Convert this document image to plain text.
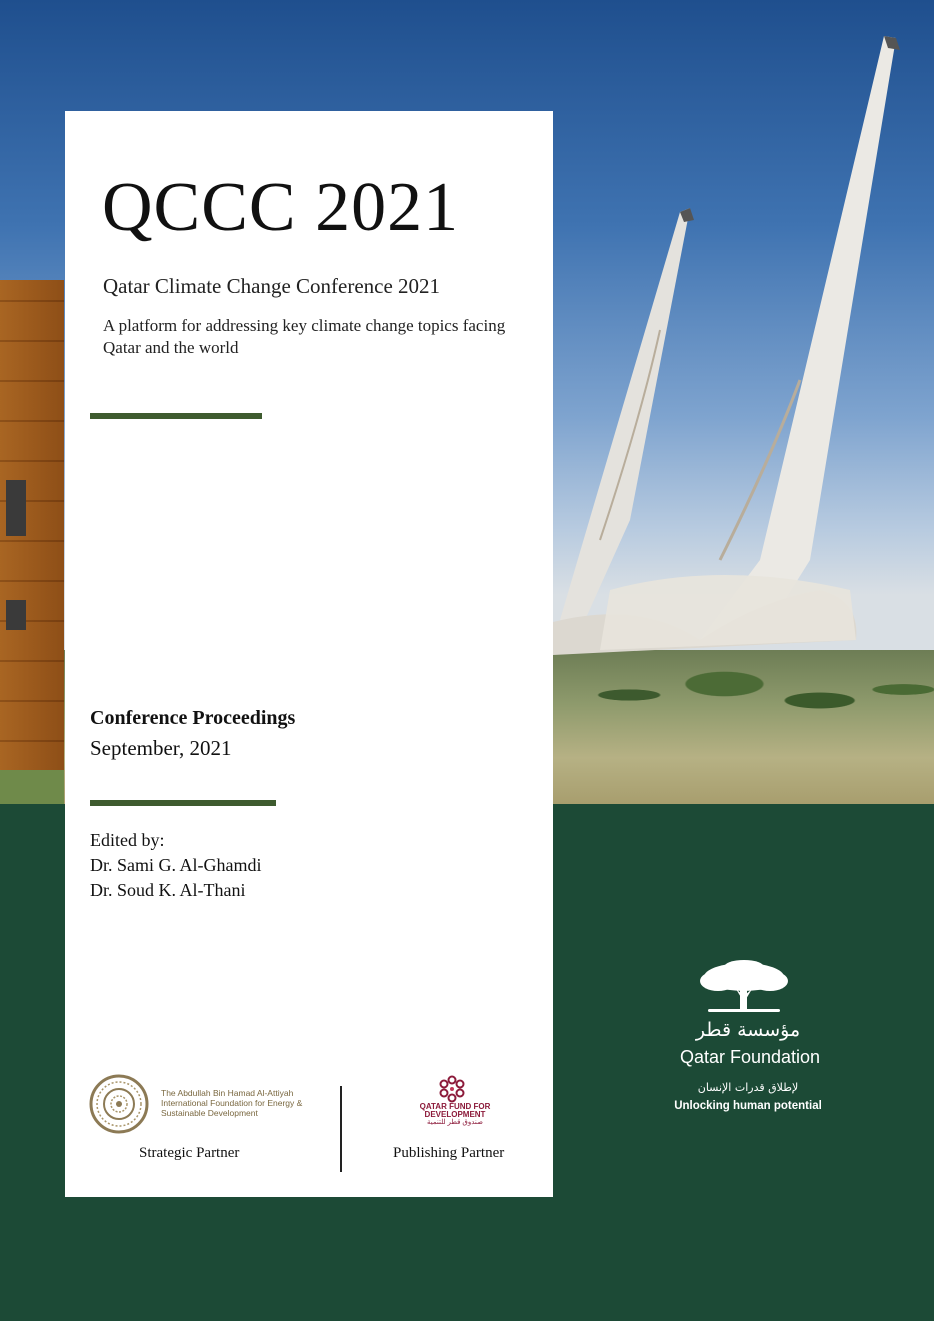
QCCC 2021
Qatar Climate Change Conference 2021
A platform for addressing key climate change topics facing Qatar and the world
Conference Proceedings
September, 2021
Edited by:
Dr. Sami G. Al-Ghamdi
Dr. Soud K. Al-Thani
The Abdullah Bin Hamad Al-Attiyah International Foundation for Energy & Sustainable Development
QATAR FUND FOR DEVELOPMENT
صندوق قطر للتنمية
Strategic Partner	Publishing Partner
مؤسسة قطر
Qatar Foundation
لإطلاق قدرات الإنسان
Unlocking human potential
